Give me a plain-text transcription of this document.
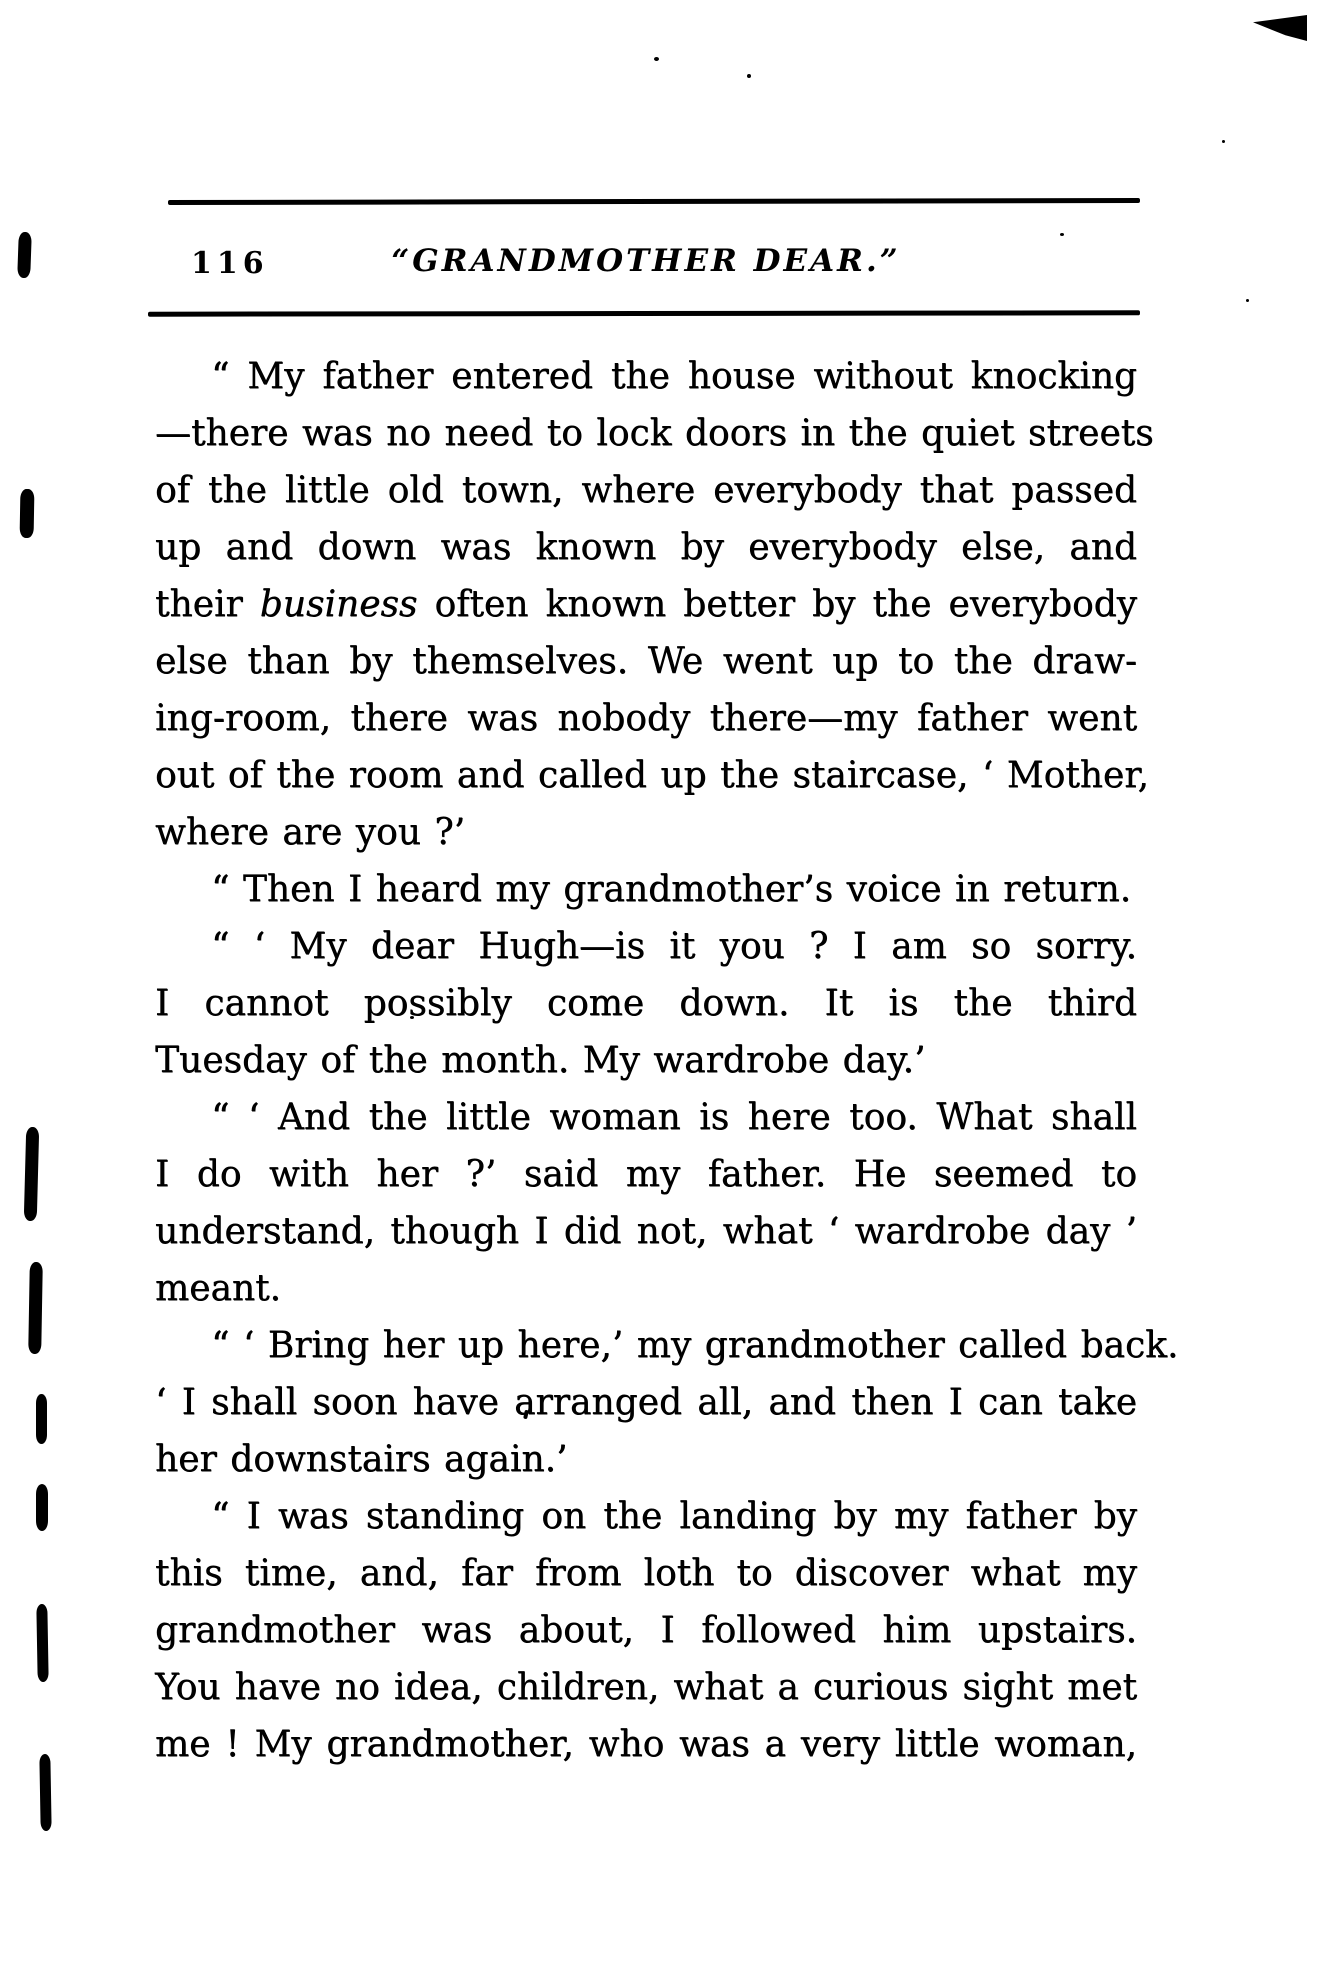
116	“GRANDMOTHER DEAR.”
“ My father entered the house without knocking
—there was no need to lock doors in the quiet streets
of the little old town, where everybody that passed
up and down was known by everybody else, and
their business often known better by the everybody
else than by themselves. We went up to the draw-
ing-room, there was nobody there—my father went
out of the room and called up the staircase, ‘ Mother,
where are you ?’
“ Then I heard my grandmother’s voice in return.
“ ‘ My dear Hugh—is it you ? I am so sorry.
I cannot possibly come down. It is the third
Tuesday of the month. My wardrobe day.’
“ ‘ And the little woman is here too. What shall
I do with her ?’ said my father. He seemed to
understand, though I did not, what ‘ wardrobe day ’
meant.
“ ‘ Bring her up here,’ my grandmother called back.
‘ I shall soon have arranged all, and then I can take
her downstairs again.’
“ I was standing on the landing by my father by
this time, and, far from loth to discover what my
grandmother was about, I followed him upstairs.
You have no idea, children, what a curious sight met
me ! My grandmother, who was a very little woman,
